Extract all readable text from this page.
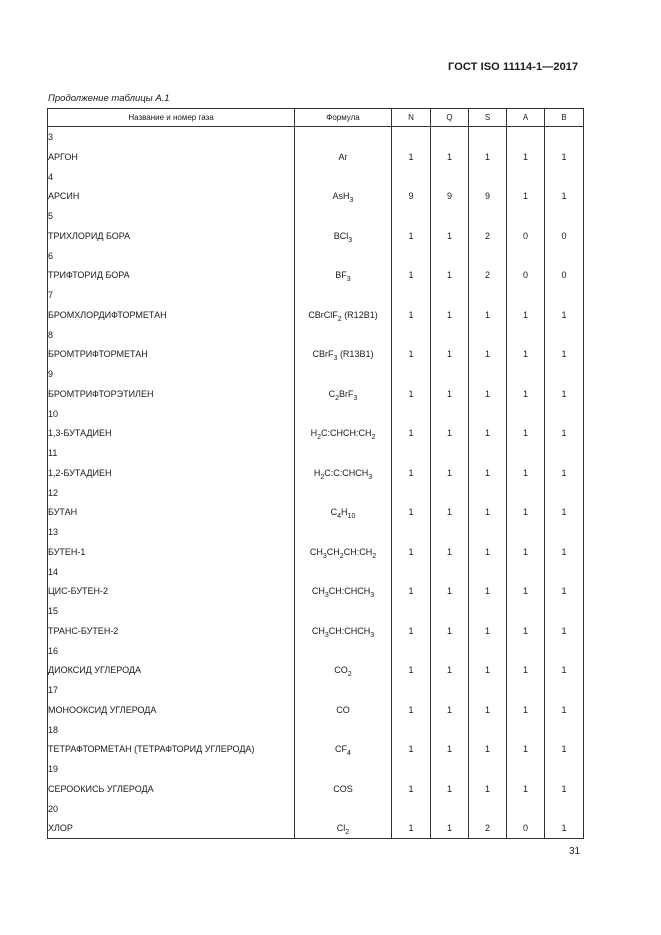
ГОСТ ISO 11114-1—2017
Продолжение таблицы А.1
Название и номер газа	Формула	N	Q	S	A	B
3						
АРГОН	Ar	1	1	1	1	1
4						
АРСИН	AsH$_3$	9	9	9	1	1
5						
ТРИХЛОРИД БОРА	BCl$_3$	1	1	2	0	0
6						
ТРИФТОРИД БОРА	$BF_3$	1	1	2	0	0
7						
БРОМХЛОРДИФТОРМЕТАН	CBrClF$_2$ (R12B1)	1	1	1	1	1
8						
БРОМТРИФТОРМЕТАН	CBrF$_3$ (R13B1)	1	1	1	1	1
9						
БРОМТРИФТОРЭТИЛЕН	$C_2BrF_3$	1	1	1	1	1
10						
1,3-БУТАДИЕН	$H_2C:CHCH:CH_2$	1	1	1	1	1
11						
1,2-БУТАДИЕН	$H_2C:C:CHCH_3$	1	1	1	1	1
12						
БУТАН	$C_4H_{10}$	1	1	1	1	1
13						
БУТЕН-1	$CH_3CH_2CH:CH_2$	1	1	1	1	1
14						
ЦИС-БУТЕН-2	$CH_3CH:CHCH_3$	1	1	1	1	1
15						
ТРАНС-БУТЕН-2	$CH_3CH:CHCH_3$	1	1	1	1	1
16						
ДИОКСИД УГЛЕРОДА	$CO_2$	1	1	1	1	1
17						
МОНООКСИД УГЛЕРОДА	CO	1	1	1	1	1
18						
ТЕТРАФТОРМЕТАН (ТЕТРАФТОРИД УГЛЕРОДА)	$CF_4$	1	1	1	1	1
19						
СЕРООКИСЬ УГЛЕРОДА	COS	1	1	1	1	1
20						
ХЛОР	$Cl_2$	1	1	2	0	1
31
